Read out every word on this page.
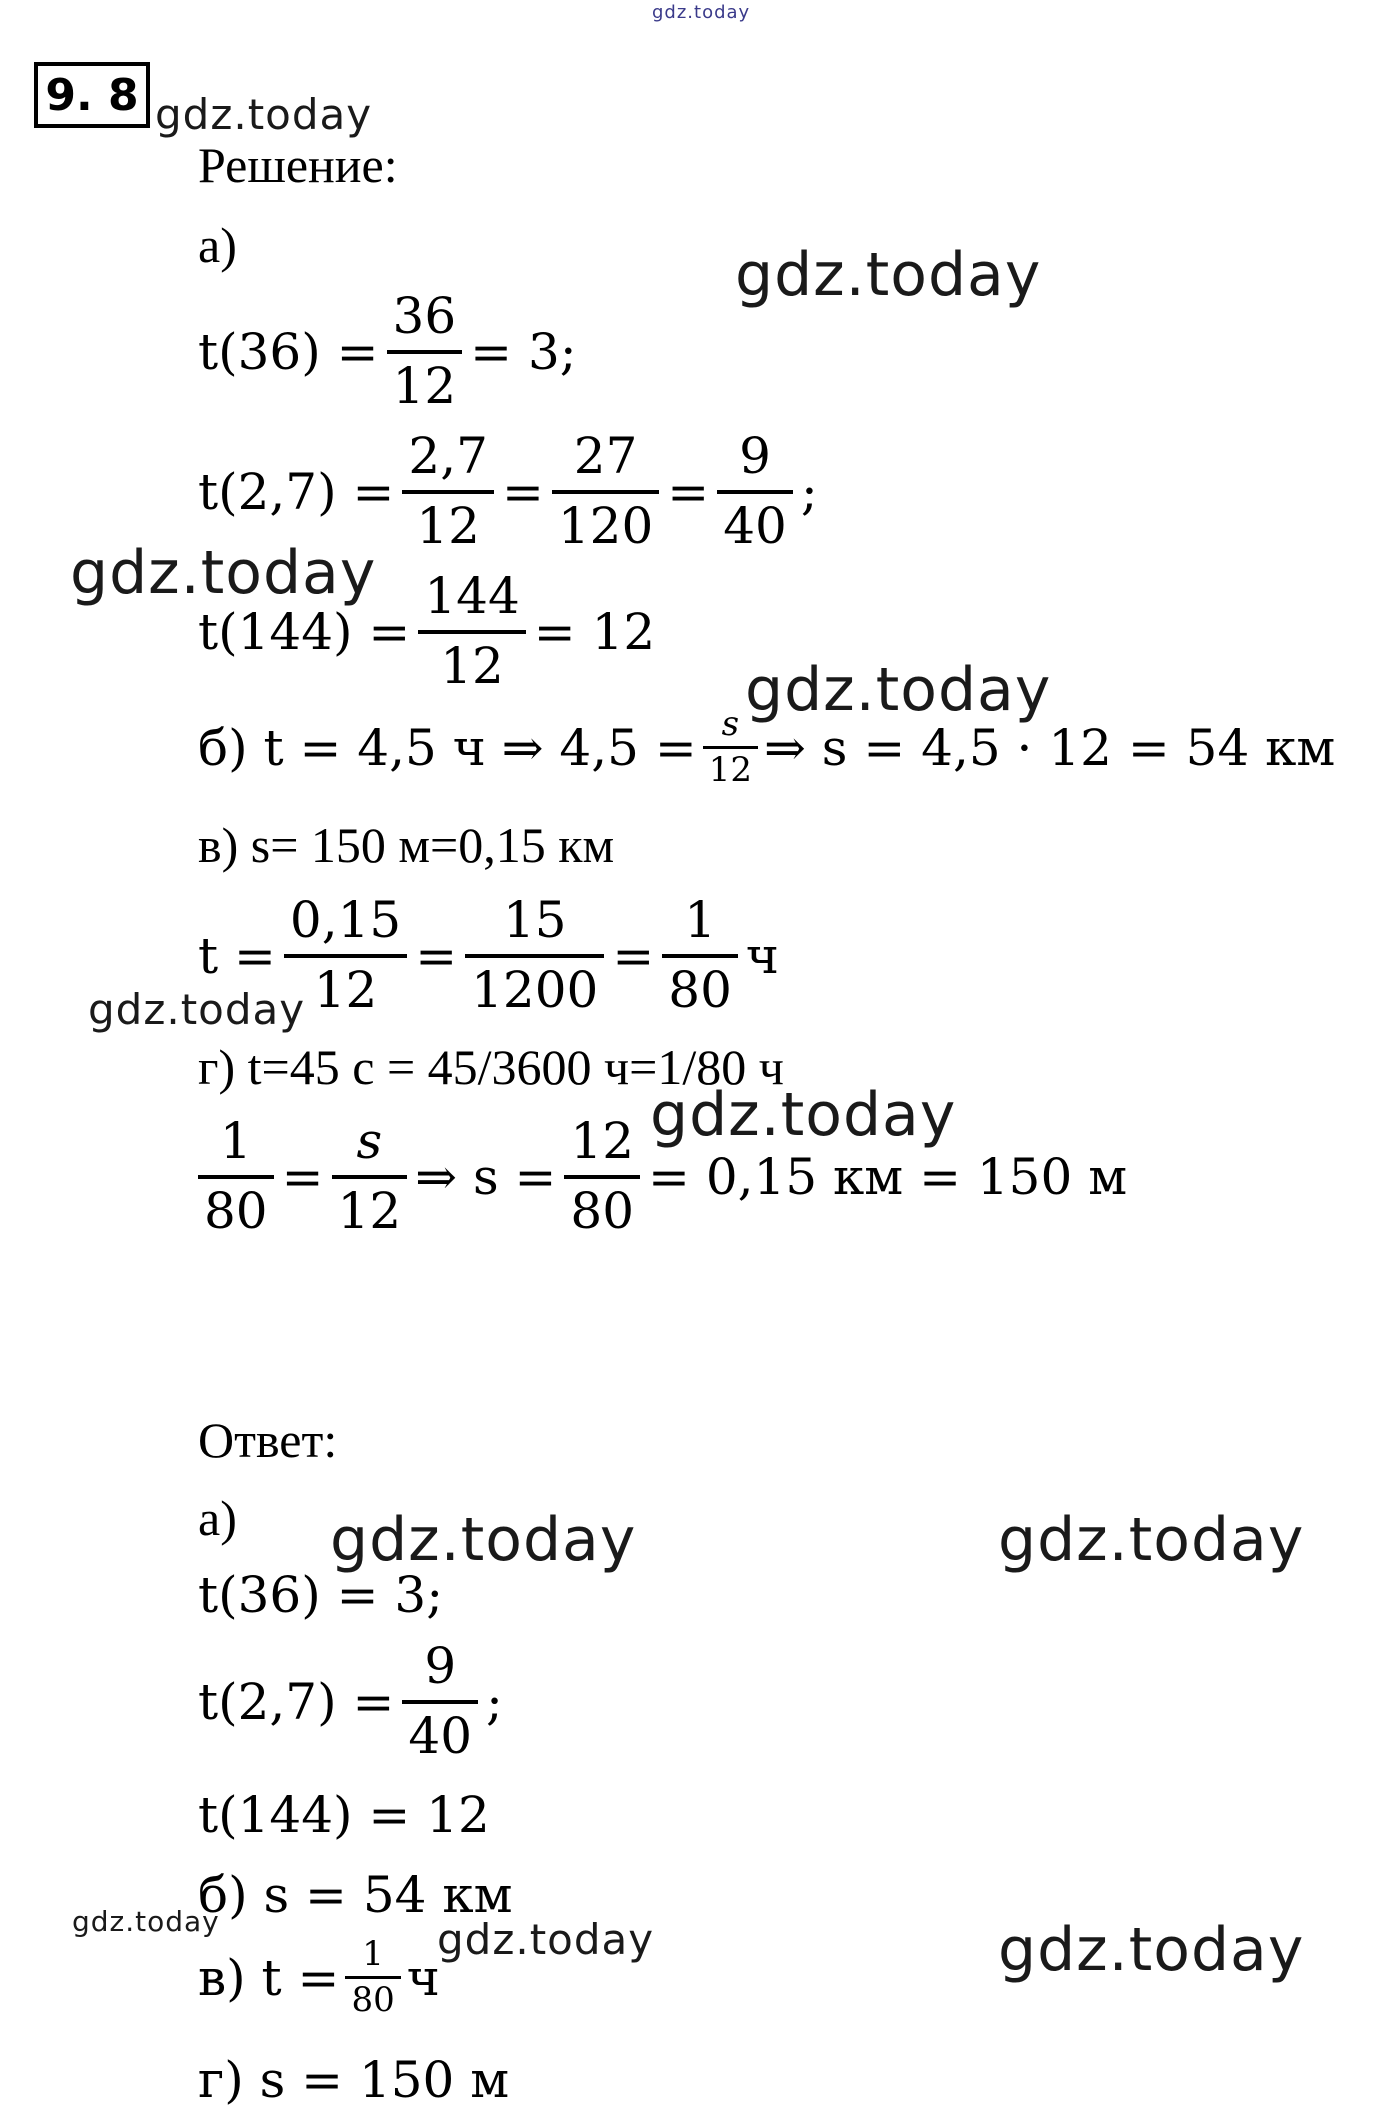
gdz.today
9. 8 gdz.today
gdz.today
gdz.today
gdz.today
gdz.today
gdz.today
gdz.today	gdz.today
gdz.today	gdz.today	gdz.today
Решение:
а)
$t(36) = \frac{36}{12} = 3$;
$t(2,7) = \frac{2,7}{12} = \frac{27}{120} = \frac{9}{40}$ ;
$t(144) = \frac{144}{12} = 12$
б) t = 4,5 ч ⇒ $4,5 = \frac{s}{12}$ ⇒ s = 4,5 · 12 = 54 км
в) s= 150 м=0,15 км
$t = \frac{0,15}{12} = \frac{15}{1200} = \frac{1}{80}$ ч
г) t=45 с = 45/3600 ч=1/80 ч
$\frac{1}{80} = \frac{s}{12}$ ⇒ $s = \frac{12}{80} = 0,15$ км = 150 м
Ответ:
а)
t(36) = 3;
$t(2,7) = \frac{9}{40}$ ;
t(144) = 12
б) s = 54 км
в) $t = \frac{1}{80}$ ч
г) s = 150 м
